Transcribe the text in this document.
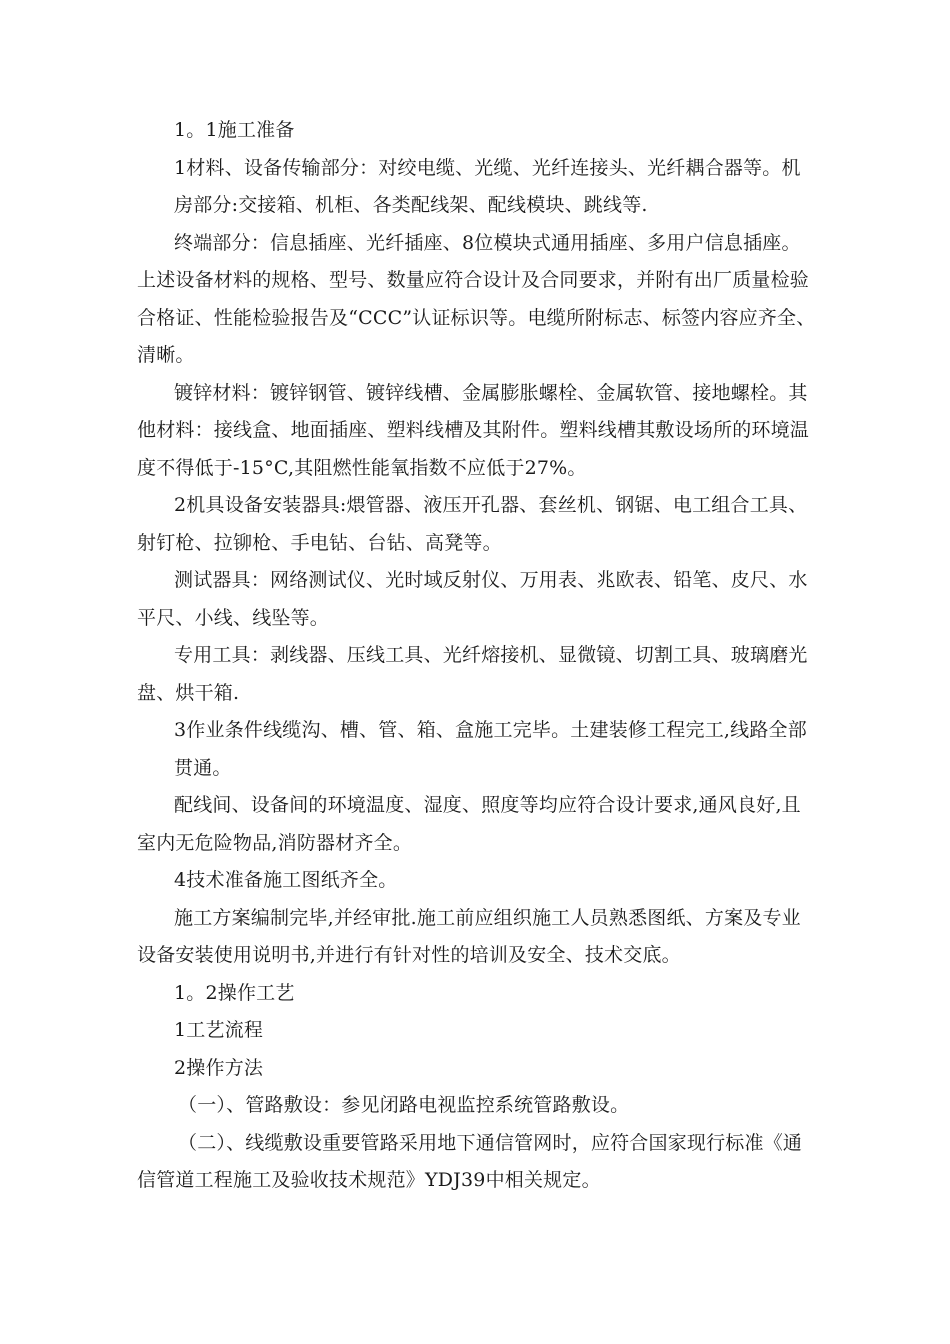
1。1施工准备
1材料、设备传输部分：对绞电缆、光缆、光纤连接头、光纤耦合器等。机
房部分:交接箱、机柜、各类配线架、配线模块、跳线等.
终端部分：信息插座、光纤插座、8位模块式通用插座、多用户信息插座。
上述设备材料的规格、型号、数量应符合设计及合同要求，并附有出厂质量检验
合格证、性能检验报告及“CCC”认证标识等。电缆所附标志、标签内容应齐全、
清晰。
镀锌材料：镀锌钢管、镀锌线槽、金属膨胀螺栓、金属软管、接地螺栓。其
他材料：接线盒、地面插座、塑料线槽及其附件。塑料线槽其敷设场所的环境温
度不得低于-15°C,其阻燃性能氧指数不应低于27%。
2机具设备安装器具:煨管器、液压开孔器、套丝机、钢锯、电工组合工具、
射钉枪、拉铆枪、手电钻、台钻、高凳等。
测试器具：网络测试仪、光时域反射仪、万用表、兆欧表、铅笔、皮尺、水
平尺、小线、线坠等。
专用工具：剥线器、压线工具、光纤熔接机、显微镜、切割工具、玻璃磨光
盘、烘干箱.
3作业条件线缆沟、槽、管、箱、盒施工完毕。土建装修工程完工,线路全部
贯通。
配线间、设备间的环境温度、湿度、照度等均应符合设计要求,通风良好,且
室内无危险物品,消防器材齐全。
4技术准备施工图纸齐全。
施工方案编制完毕,并经审批.施工前应组织施工人员熟悉图纸、方案及专业
设备安装使用说明书,并进行有针对性的培训及安全、技术交底。
1。2操作工艺
1工艺流程
2操作方法
（一）、管路敷设：参见闭路电视监控系统管路敷设。
（二）、线缆敷设重要管路采用地下通信管网时，应符合国家现行标准《通
信管道工程施工及验收技术规范》YDJ39中相关规定。
